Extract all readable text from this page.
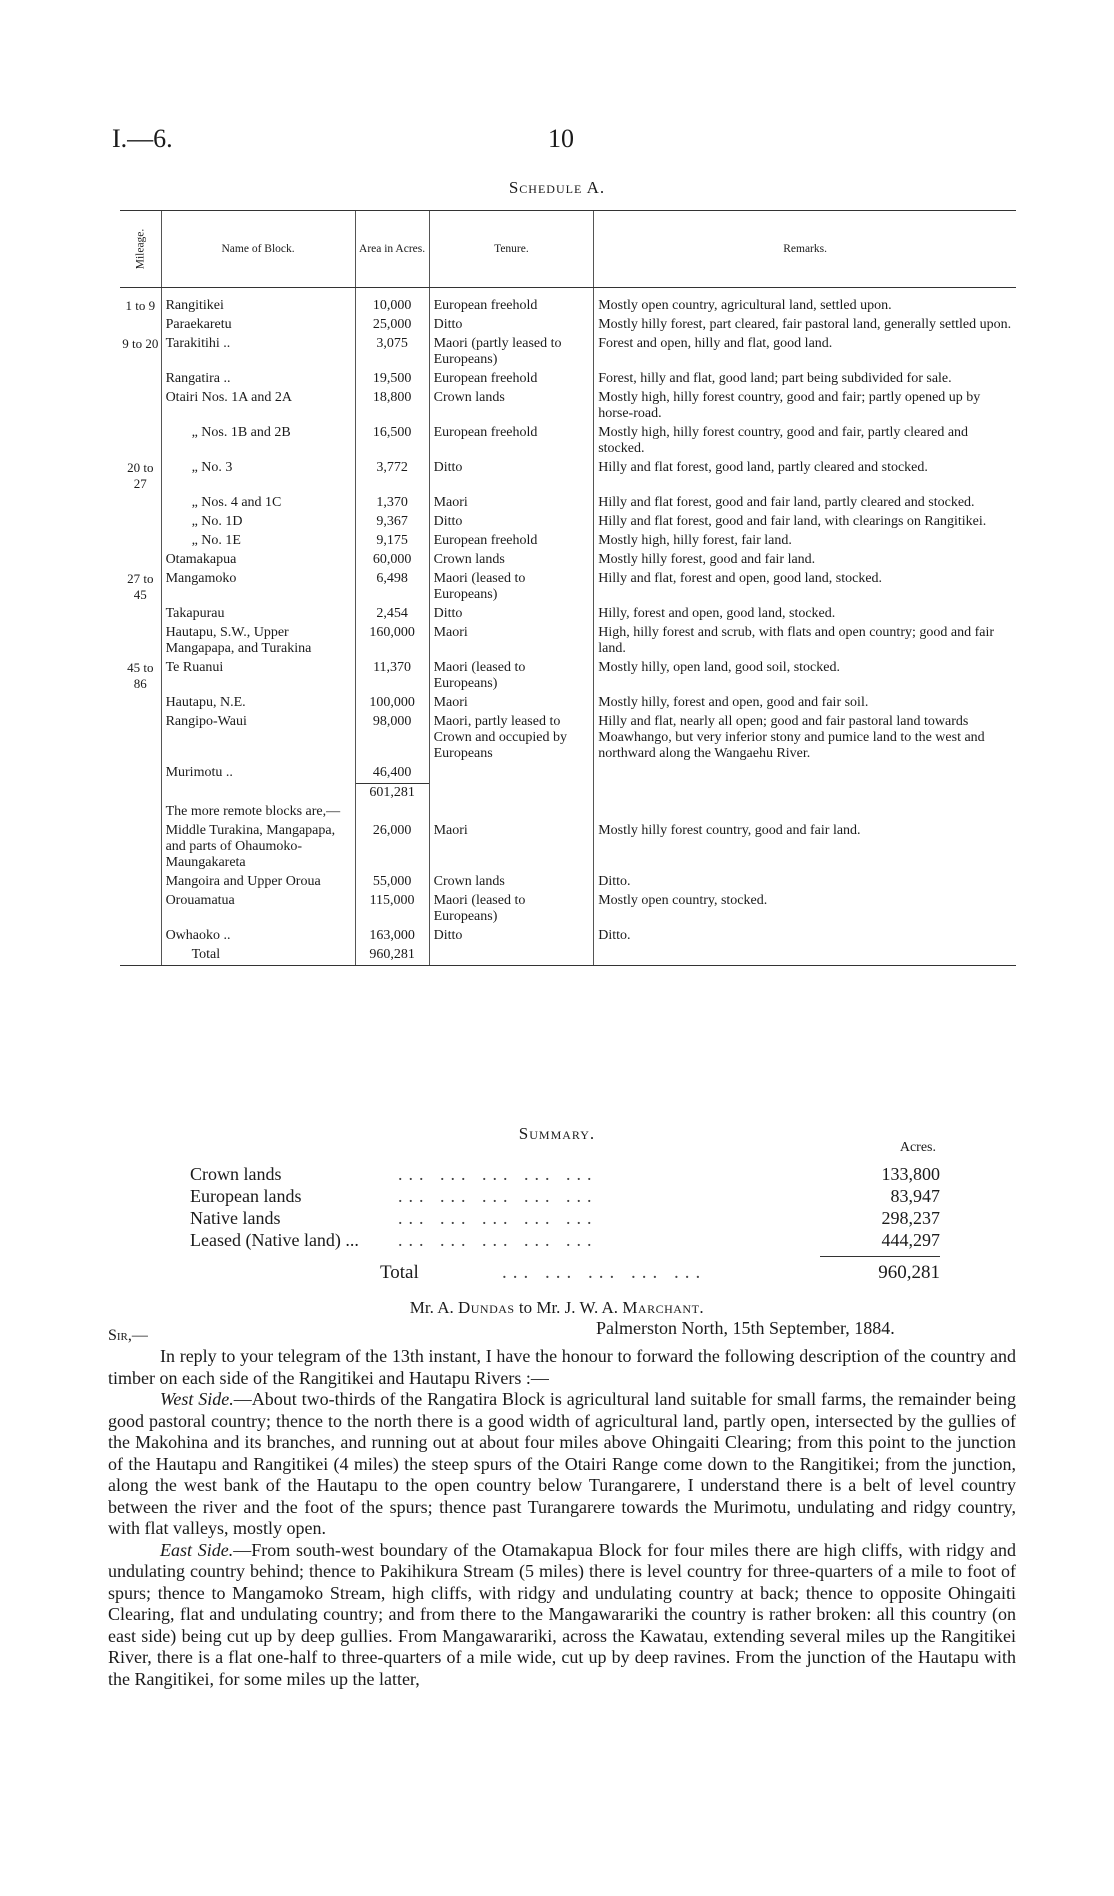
I.—6.	10
Schedule A.
Mileage.	Name of Block.	Area in Acres.	Tenure.	Remarks.
1 to 9	Rangitikei	10,000	European freehold	Mostly open country, agricultural land, settled upon.
	Paraekaretu	25,000	Ditto	Mostly hilly forest, part cleared, fair pastoral land, generally settled upon.
9 to 20	Tarakitihi ..	3,075	Maori (partly leased to Europeans)	Forest and open, hilly and flat, good land.
	Rangatira ..	19,500	European freehold	Forest, hilly and flat, good land; part being subdivided for sale.
	Otairi Nos. 1A and 2A	18,800	Crown lands	Mostly high, hilly forest country, good and fair; partly opened up by horse-road.
	„ Nos. 1B and 2B	16,500	European freehold	Mostly high, hilly forest country, good and fair, partly cleared and stocked.
20 to 27	„ No. 3	3,772	Ditto	Hilly and flat forest, good land, partly cleared and stocked.
	„ Nos. 4 and 1C	1,370	Maori	Hilly and flat forest, good and fair land, partly cleared and stocked.
	„ No. 1D	9,367	Ditto	Hilly and flat forest, good and fair land, with clearings on Rangitikei.
	„ No. 1E	9,175	European freehold	Mostly high, hilly forest, fair land.
	Otamakapua	60,000	Crown lands	Mostly hilly forest, good and fair land.
27 to 45	Mangamoko	6,498	Maori (leased to Europeans)	Hilly and flat, forest and open, good land, stocked.
	Takapurau	2,454	Ditto	Hilly, forest and open, good land, stocked.
	Hautapu, S.W., Upper Mangapapa, and Turakina	160,000	Maori	High, hilly forest and scrub, with flats and open country; good and fair land.
45 to 86	Te Ruanui	11,370	Maori (leased to Europeans)	Mostly hilly, open land, good soil, stocked.
	Hautapu, N.E.	100,000	Maori	Mostly hilly, forest and open, good and fair soil.
	Rangipo-Waui	98,000	Maori, partly leased to Crown and occupied by Europeans	Hilly and flat, nearly all open; good and fair pastoral land towards Moawhango, but very inferior stony and pumice land to the west and northward along the Wangaehu River.
	Murimotu ..	46,400		
		601,281		
	The more remote blocks are,—			
	Middle Turakina, Mangapapa, and parts of Ohaumoko-Maungakareta	26,000	Maori	Mostly hilly forest country, good and fair land.
	Mangoira and Upper Oroua	55,000	Crown lands	Ditto.
	Orouamatua	115,000	Maori (leased to Europeans)	Mostly open country, stocked.
	Owhaoko ..	163,000	Ditto	Ditto.
	Total	960,281		
Summary.
Acres.
Crown lands	... ... ... ... ...	133,800
European lands	... ... ... ... ...	83,947
Native lands	... ... ... ... ...	298,237
Leased (Native land) ... ... ... ... ... ...	444,297
Total	... ... ... ... ...	960,281
Mr. A. Dundas to Mr. J. W. A. Marchant.
Palmerston North, 15th September, 1884.
Sir,—

In reply to your telegram of the 13th instant, I have the honour to forward the following description of the country and timber on each side of the Rangitikei and Hautapu Rivers :—

West Side.—About two-thirds of the Rangatira Block is agricultural land suitable for small farms, the remainder being good pastoral country; thence to the north there is a good width of agricultural land, partly open, intersected by the gullies of the Makohina and its branches, and running out at about four miles above Ohingaiti Clearing; from this point to the junction of the Hautapu and Rangitikei (4 miles) the steep spurs of the Otairi Range come down to the Rangitikei; from the junction, along the west bank of the Hautapu to the open country below Turangarere, I understand there is a belt of level country between the river and the foot of the spurs; thence past Turangarere towards the Murimotu, undulating and ridgy country, with flat valleys, mostly open.

East Side.—From south-west boundary of the Otamakapua Block for four miles there are high cliffs, with ridgy and undulating country behind; thence to Pakihikura Stream (5 miles) there is level country for three-quarters of a mile to foot of spurs; thence to Mangamoko Stream, high cliffs, with ridgy and undulating country at back; thence to opposite Ohingaiti Clearing, flat and undulating country; and from there to the Mangawarariki the country is rather broken: all this country (on east side) being cut up by deep gullies. From Mangawarariki, across the Kawatau, extending several miles up the Rangitikei River, there is a flat one-half to three-quarters of a mile wide, cut up by deep ravines. From the junction of the Hautapu with the Rangitikei, for some miles up the latter,
